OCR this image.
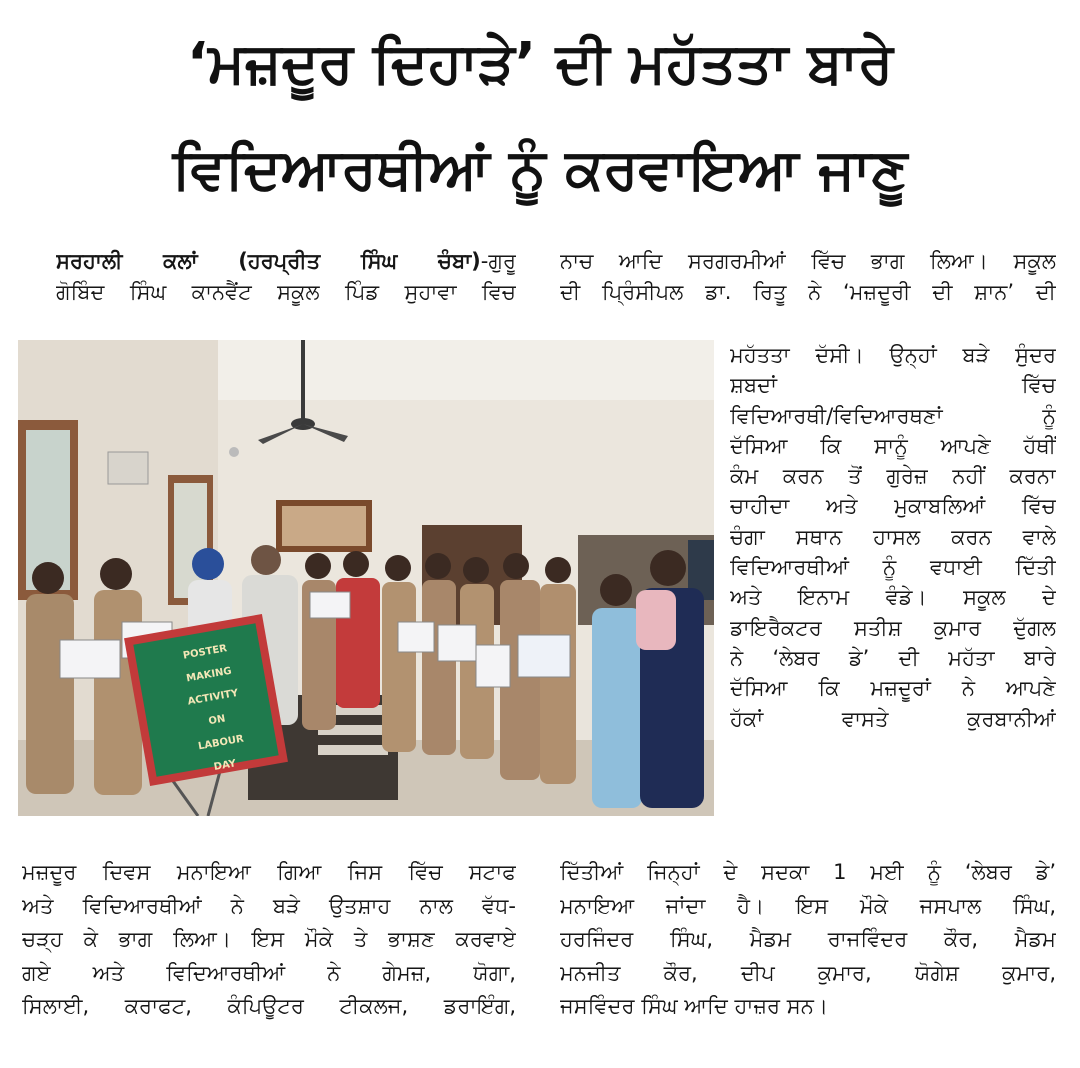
‘ਮਜ਼ਦੂਰ ਦਿਹਾੜੇ’ ਦੀ ਮਹੱਤਤਾ ਬਾਰੇ
ਵਿਦਿਆਰਥੀਆਂ ਨੂੰ ਕਰਵਾਇਆ ਜਾਣੂ
ਸਰਹਾਲੀ ਕਲਾਂ (ਹਰਪ੍ਰੀਤ ਸਿੰਘ ਚੰਬਾ)-ਗੁਰੂ
ਗੋਬਿੰਦ ਸਿੰਘ ਕਾਨਵੈਂਟ ਸਕੂਲ ਪਿੰਡ ਸੁਹਾਵਾ ਵਿਚ
ਨਾਚ ਆਦਿ ਸਰਗਰਮੀਆਂ ਵਿੱਚ ਭਾਗ ਲਿਆ। ਸਕੂਲ
ਦੀ ਪ੍ਰਿੰਸੀਪਲ ਡਾ. ਰਿਤੂ ਨੇ ‘ਮਜ਼ਦੂਰੀ ਦੀ ਸ਼ਾਨ’ ਦੀ
POSTER
MAKING
ACTIVITY
ON
LABOUR
DAY
ਮਹੱਤਤਾ ਦੱਸੀ। ਉਨ੍ਹਾਂ ਬੜੇ ਸੁੰਦਰ
ਸ਼ਬਦਾਂ ਵਿੱਚ
ਵਿਦਿਆਰਥੀ/ਵਿਦਿਆਰਥਣਾਂ ਨੂੰ
ਦੱਸਿਆ ਕਿ ਸਾਨੂੰ ਆਪਣੇ ਹੱਥੀਂ
ਕੰਮ ਕਰਨ ਤੋਂ ਗੁਰੇਜ਼ ਨਹੀਂ ਕਰਨਾ
ਚਾਹੀਦਾ ਅਤੇ ਮੁਕਾਬਲਿਆਂ ਵਿੱਚ
ਚੰਗਾ ਸਥਾਨ ਹਾਸਲ ਕਰਨ ਵਾਲੇ
ਵਿਦਿਆਰਥੀਆਂ ਨੂੰ ਵਧਾਈ ਦਿੱਤੀ
ਅਤੇ ਇਨਾਮ ਵੰਡੇ। ਸਕੂਲ ਦੇ
ਡਾਇਰੈਕਟਰ ਸਤੀਸ਼ ਕੁਮਾਰ ਦੁੱਗਲ
ਨੇ ‘ਲੇਬਰ ਡੇ’ ਦੀ ਮਹੱਤਾ ਬਾਰੇ
ਦੱਸਿਆ ਕਿ ਮਜ਼ਦੂਰਾਂ ਨੇ ਆਪਣੇ
ਹੱਕਾਂ ਵਾਸਤੇ ਕੁਰਬਾਨੀਆਂ
ਮਜ਼ਦੂਰ ਦਿਵਸ ਮਨਾਇਆ ਗਿਆ ਜਿਸ ਵਿੱਚ ਸਟਾਫ
ਅਤੇ ਵਿਦਿਆਰਥੀਆਂ ਨੇ ਬੜੇ ਉਤਸ਼ਾਹ ਨਾਲ ਵੱਧ-
ਚੜ੍ਹ ਕੇ ਭਾਗ ਲਿਆ। ਇਸ ਮੌਕੇ ਤੇ ਭਾਸ਼ਣ ਕਰਵਾਏ
ਗਏ ਅਤੇ ਵਿਦਿਆਰਥੀਆਂ ਨੇ ਗੇਮਜ਼, ਯੋਗਾ,
ਸਿਲਾਈ, ਕਰਾਫਟ, ਕੰਪਿਊਟਰ ਟੀਕਲਜ, ਡਰਾਇੰਗ,
ਦਿੱਤੀਆਂ ਜਿਨ੍ਹਾਂ ਦੇ ਸਦਕਾ 1 ਮਈ ਨੂੰ ‘ਲੇਬਰ ਡੇ’
ਮਨਾਇਆ ਜਾਂਦਾ ਹੈ। ਇਸ ਮੌਕੇ ਜਸਪਾਲ ਸਿੰਘ,
ਹਰਜਿੰਦਰ ਸਿੰਘ, ਮੈਡਮ ਰਾਜਵਿੰਦਰ ਕੌਰ, ਮੈਡਮ
ਮਨਜੀਤ ਕੌਰ, ਦੀਪ ਕੁਮਾਰ, ਯੋਗੇਸ਼ ਕੁਮਾਰ,
ਜਸਵਿੰਦਰ ਸਿੰਘ ਆਦਿ ਹਾਜ਼ਰ ਸਨ।
